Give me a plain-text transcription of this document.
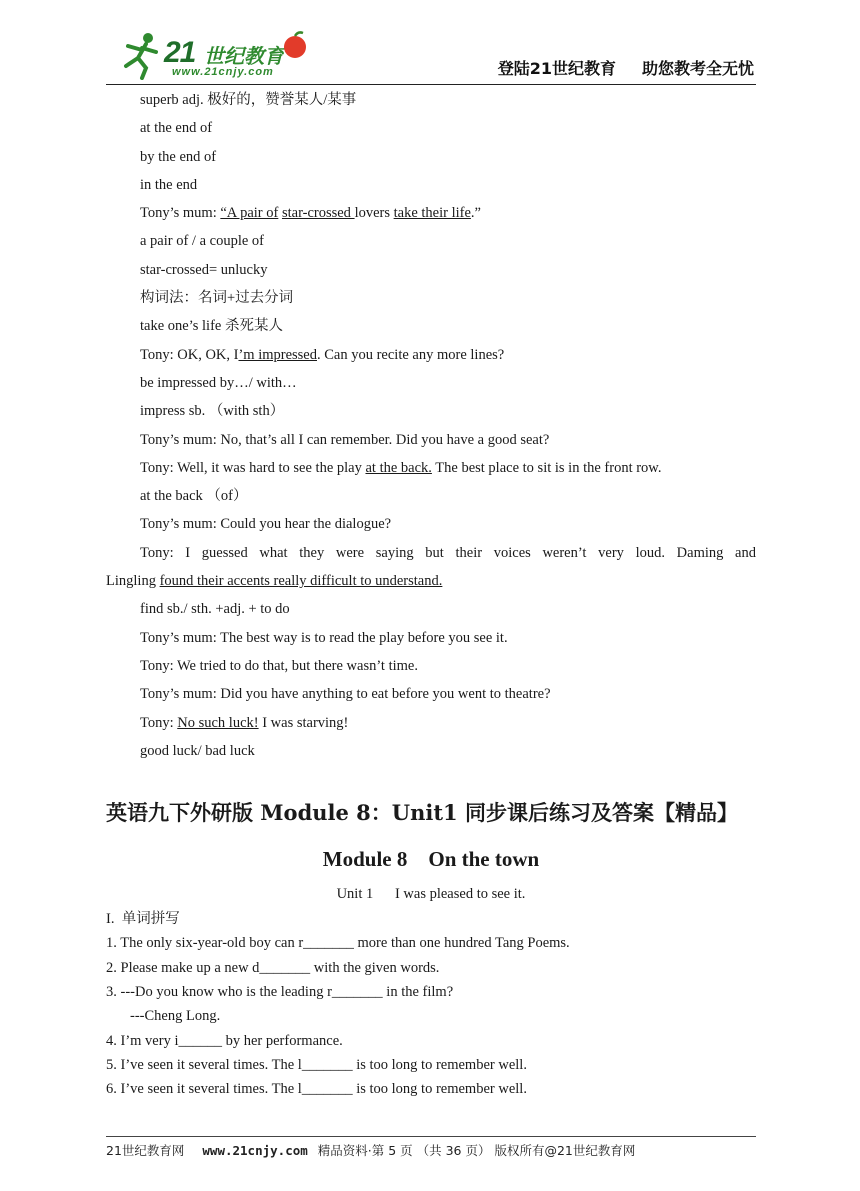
21 世纪教育
www.21cnjy.com	登陆21世纪教育 助您教考全无忧
superb adj. 极好的，赞誉某人/某事
at the end of
by the end of
in the end
Tony’s mum: “A pair of star-crossed lovers take their life.”
a pair of / a couple of
star-crossed= unlucky
构词法：名词+过去分词
take one’s life 杀死某人
Tony: OK, OK, I’m impressed. Can you recite any more lines?
be impressed by…/ with…
impress sb. （with sth）
Tony’s mum: No, that’s all I can remember. Did you have a good seat?
Tony: Well, it was hard to see the play at the back. The best place to sit is in the front row.
at the back （of）
Tony’s mum: Could you hear the dialogue?
Tony: I guessed what they were saying but their voices weren’t very loud. Daming and
Lingling found their accents really difficult to understand.
find sb./ sth. +adj. + to do
Tony’s mum: The best way is to read the play before you see it.
Tony: We tried to do that, but there wasn’t time.
Tony’s mum: Did you have anything to eat before you went to theatre?
Tony: No such luck! I was starving!
good luck/ bad luck
英语九下外研版 Module 8：Unit1 同步课后练习及答案【精品】
Module 8    On the town
Unit 1      I was pleased to see it.
I.  单词拼写
1. The only six-year-old boy can r_______ more than one hundred Tang Poems.
2. Please make up a new d_______ with the given words.
3. ---Do you know who is the leading r_______ in the film?
---Cheng Long.
4. I’m very i______ by her performance.
5. I’ve seen it several times. The l_______ is too long to remember well.
6. I’ve seen it several times. The l_______ is too long to remember well.
21世纪教育网 www.21cnjy.com 精品资料·第 5 页 （共 36 页） 版权所有@21世纪教育网
